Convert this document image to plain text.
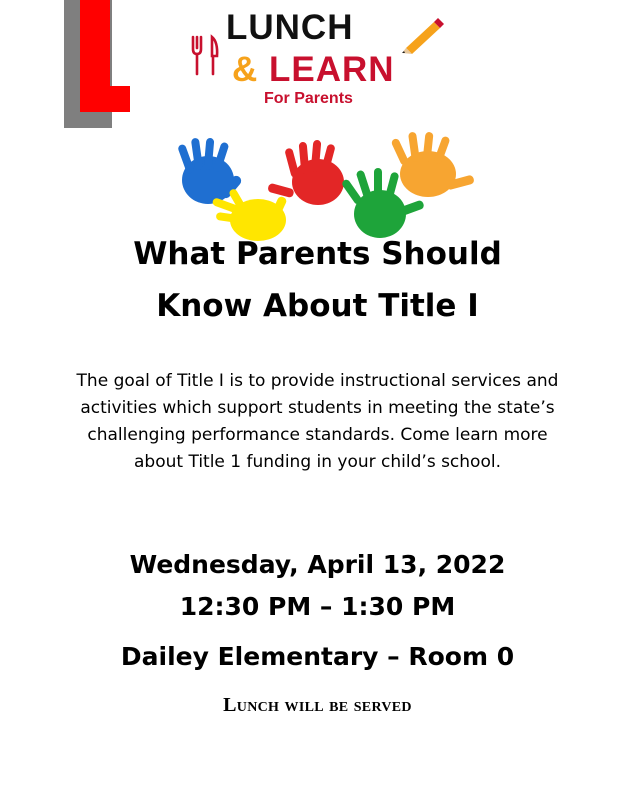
LUNCH
& LEARN
For Parents
What Parents Should
Know About Title I
The goal of Title I is to provide instructional services and activities which support students in meeting the state’s challenging performance standards. Come learn more about Title 1 funding in your child’s school.
Wednesday, April 13, 2022
12:30 PM – 1:30 PM
Dailey Elementary – Room 0
Lunch will be served
